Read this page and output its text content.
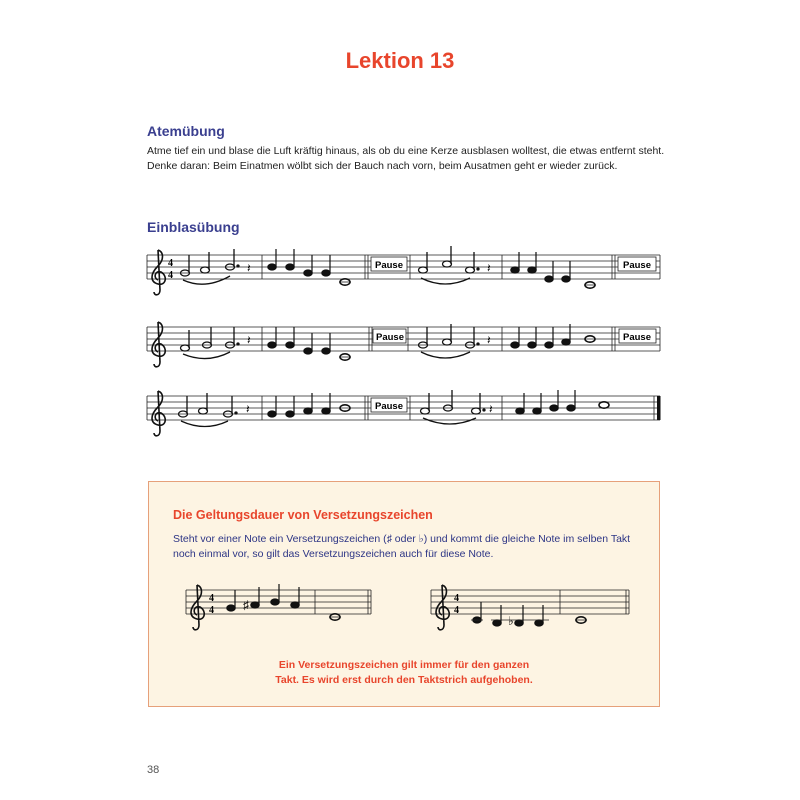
Lektion 13
Atemübung
Atme tief ein und blase die Luft kräftig hinaus, als ob du eine Kerze ausblasen wolltest, die etwas entfernt steht.
Denke daran: Beim Einatmen wölbt sich der Bauch nach vorn, beim Ausatmen geht er wieder zurück.
Einblasübung
4
4
𝄽	Pause	𝄽	Pause
𝄽	Pause	𝄽	Pause
𝄽	Pause	𝄽
Die Geltungsdauer von Versetzungszeichen
Steht vor einer Note ein Versetzungszeichen (♯ oder ♭) und kommt die gleiche Note im selben Takt
noch einmal vor, so gilt das Versetzungszeichen auch für diese Note.
4
4 ♯	4
4
♭
Ein Versetzungszeichen gilt immer für den ganzen
Takt. Es wird erst durch den Taktstrich aufgehoben.
38
